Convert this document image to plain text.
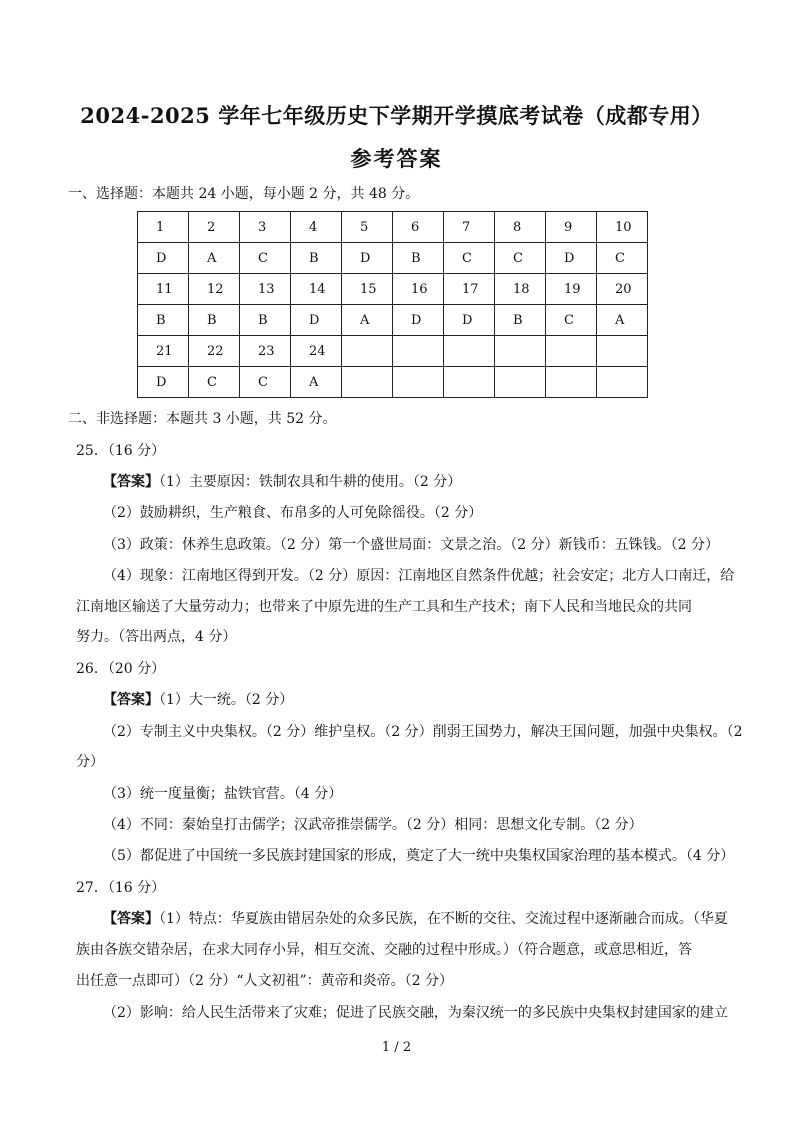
2024-2025 学年七年级历史下学期开学摸底考试卷（成都专用）
参考答案
一、选择题：本题共 24 小题，每小题 2 分，共 48 分。
1	2	3	4	5	6	7	8	9	10
D	A	C	B	D	B	C	C	D	C
11	12	13	14	15	16	17	18	19	20
B	B	B	D	A	D	D	B	C	A
21	22	23	24						
D	C	C	A						
二、非选择题：本题共 3 小题，共 52 分。
25．（16 分）
【答案】（1）主要原因：铁制农具和牛耕的使用。（2 分）
（2）鼓励耕织，生产粮食、布帛多的人可免除徭役。（2 分）
（3）政策：休养生息政策。（2 分）第一个盛世局面：文景之治。（2 分）新钱币：五铢钱。（2 分）
（4）现象：江南地区得到开发。（2 分）原因：江南地区自然条件优越；社会安定；北方人口南迁，给
江南地区输送了大量劳动力；也带来了中原先进的生产工具和生产技术；南下人民和当地民众的共同
努力。（答出两点，4 分）
26．（20 分）
【答案】（1）大一统。（2 分）
（2）专制主义中央集权。（2 分）维护皇权。（2 分）削弱王国势力，解决王国问题，加强中央集权。（2
分）
（3）统一度量衡；盐铁官营。（4 分）
（4）不同：秦始皇打击儒学；汉武帝推崇儒学。（2 分）相同：思想文化专制。（2 分）
（5）都促进了中国统一多民族封建国家的形成，奠定了大一统中央集权国家治理的基本模式。（4 分）
27．（16 分）
【答案】（1）特点：华夏族由错居杂处的众多民族，在不断的交往、交流过程中逐渐融合而成。（华夏
族由各族交错杂居，在求大同存小异，相互交流、交融的过程中形成。）（符合题意，或意思相近，答
出任意一点即可）（2 分）“人文初祖”：黄帝和炎帝。（2 分）
（2）影响：给人民生活带来了灾难；促进了民族交融，为秦汉统一的多民族中央集权封建国家的建立
1 / 2
